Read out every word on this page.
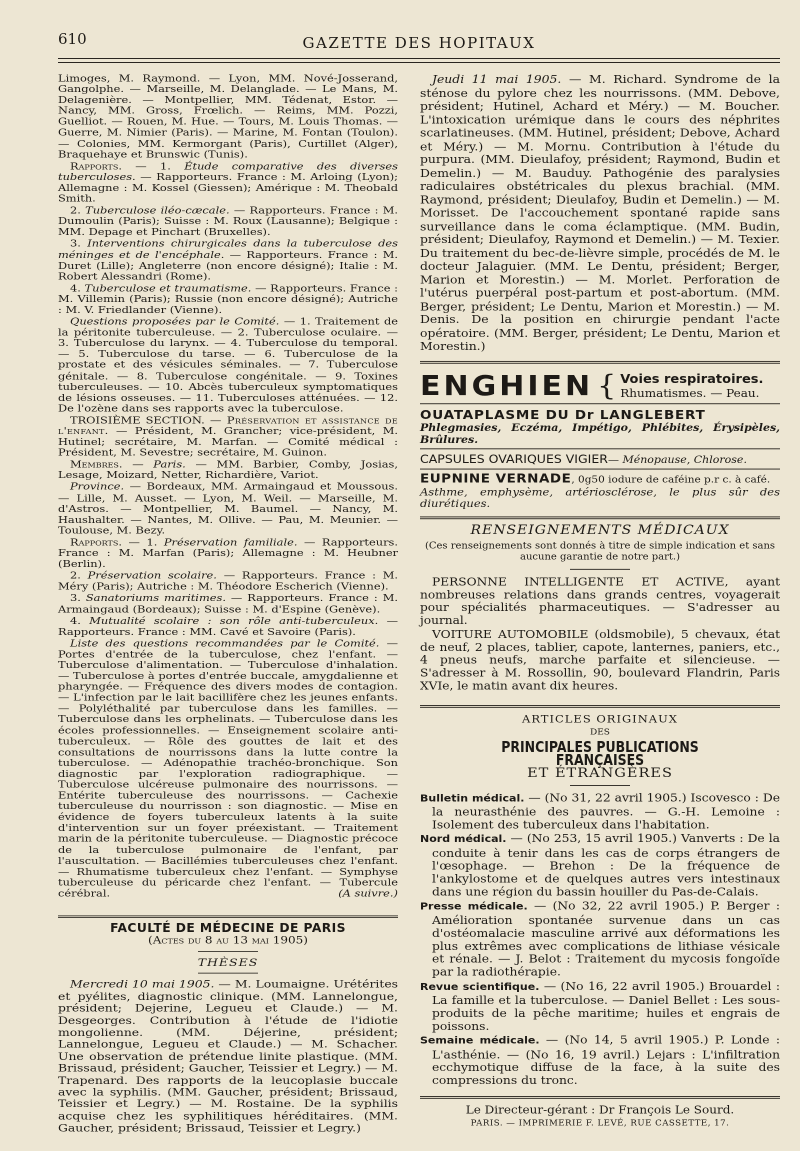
610	GAZETTE DES HOPITAUX

Limoges, M. Raymond. — Lyon, MM. Nové-Josserand, Gangolphe. — Marseille, M. Delanglade. — Le Mans, M. Delagenière. — Montpellier, MM. Tédenat, Estor. — Nancy, MM. Gross, Frœlich. — Reims, MM. Pozzi, Guelliot. — Rouen, M. Hue. — Tours, M. Louis Thomas. — Guerre, M. Nimier (Paris). — Marine, M. Fontan (Toulon). — Colonies, MM. Kermorgant (Paris), Curtillet (Alger), Braquehaye et Brunswic (Tunis).

Rapports. — 1. Étude comparative des diverses tuberculoses. — Rapporteurs. France : M. Arloing (Lyon); Allemagne : M. Kossel (Giessen); Amérique : M. Theobald Smith.

2. Tuberculose iléo-cæcale. — Rapporteurs. France : M. Dumoulin (Paris); Suisse : M. Roux (Lausanne); Belgique : MM. Depage et Pinchart (Bruxelles).

3. Interventions chirurgicales dans la tuberculose des méninges et de l'encéphale. — Rapporteurs. France : M. Duret (Lille); Angleterre (non encore désigné); Italie : M. Robert Alessandri (Rome).

4. Tuberculose et traumatisme. — Rapporteurs. France : M. Villemin (Paris); Russie (non encore désigné); Autriche : M. V. Friedlander (Vienne).

Questions proposées par le Comité. — 1. Traitement de la péritonite tuberculeuse. — 2. Tuberculose oculaire. — 3. Tuberculose du larynx. — 4. Tuberculose du temporal. — 5. Tuberculose du tarse. — 6. Tuberculose de la prostate et des vésicules séminales. — 7. Tuberculose génitale. — 8. Tuberculose congénitale. — 9. Toxines tuberculeuses. — 10. Abcès tuberculeux symptomatiques de lésions osseuses. — 11. Tuberculoses atténuées. — 12. De l'ozène dans ses rapports avec la tuberculose.

TROISIÈME SECTION. — Préservation et assistance de l'enfant. — Président, M. Grancher; vice-président, M. Hutinel; secrétaire, M. Marfan. — Comité médical : Président, M. Sevestre; secrétaire, M. Guinon.

Membres. — Paris. — MM. Barbier, Comby, Josias, Lesage, Moizard, Netter, Richardière, Variot.

Province. — Bordeaux, MM. Armaingaud et Moussous. — Lille, M. Ausset. — Lyon, M. Weil. — Marseille, M. d'Astros. — Montpellier, M. Baumel. — Nancy, M. Haushalter. — Nantes, M. Ollive. — Pau, M. Meunier. — Toulouse, M. Bezy.

Rapports. — 1. Préservation familiale. — Rapporteurs. France : M. Marfan (Paris); Allemagne : M. Heubner (Berlin).

2. Préservation scolaire. — Rapporteurs. France : M. Méry (Paris); Autriche : M. Théodore Escherich (Vienne).

3. Sanatoriums maritimes. — Rapporteurs. France : M. Armaingaud (Bordeaux); Suisse : M. d'Espine (Genève).

4. Mutualité scolaire : son rôle anti-tuberculeux. — Rapporteurs. France : MM. Cavé et Savoire (Paris).

Liste des questions recommandées par le Comité. — Portes d'entrée de la tuberculose, chez l'enfant. — Tuberculose d'alimentation. — Tuberculose d'inhalation. — Tuberculose à portes d'entrée buccale, amygdalienne et pharyngée. — Fréquence des divers modes de contagion. — L'infection par le lait bacillifère chez les jeunes enfants. — Polyléthalité par tuberculose dans les familles. — Tuberculose dans les orphelinats. — Tuberculose dans les écoles professionnelles. — Enseignement scolaire anti-tuberculeux. — Rôle des gouttes de lait et des consultations de nourrissons dans la lutte contre la tuberculose. — Adénopathie trachéo-bronchique. Son diagnostic par l'exploration radiographique. — Tuberculose ulcéreuse pulmonaire des nourrissons. — Entérite tuberculeuse des nourrissons. — Cachexie tuberculeuse du nourrisson : son diagnostic. — Mise en évidence de foyers tuberculeux latents à la suite d'intervention sur un foyer préexistant. — Traitement marin de la péritonite tuberculeuse. — Diagnostic précoce de la tuberculose pulmonaire de l'enfant, par l'auscultation. — Bacillémies tuberculeuses chez l'enfant. — Rhumatisme tuberculeux chez l'enfant. — Symphyse tuberculeuse du péricarde chez l'enfant. — Tubercule cérébral.	(A suivre.)

FACULTÉ DE MÉDECINE DE PARIS
(Actes du 8 au 13 mai 1905)
THÈSES

Mercredi 10 mai 1905. — M. Loumaigne. Urétérites et pyélites, diagnostic clinique. (MM. Lannelongue, président; Dejerine, Legueu et Claude.) — M. Desgeorges. Contribution à l'étude de l'idiotie mongolienne. (MM. Déjerine, président; Lannelongue, Legueu et Claude.) — M. Schacher. Une observation de prétendue linite plastique. (MM. Brissaud, président; Gaucher, Teissier et Legry.) — M. Trapenard. Des rapports de la leucoplasie buccale avec la syphilis. (MM. Gaucher, président; Brissaud, Teissier et Legry.) — M. Rostaine. De la syphilis acquise chez les syphilitiques héréditaires. (MM. Gaucher, président; Brissaud, Teissier et Legry.)

Jeudi 11 mai 1905. — M. Richard. Syndrome de la sténose du pylore chez les nourrissons. (MM. Debove, président; Hutinel, Achard et Méry.) — M. Boucher. L'intoxication urémique dans le cours des néphrites scarlatineuses. (MM. Hutinel, président; Debove, Achard et Méry.) — M. Mornu. Contribution à l'étude du purpura. (MM. Dieulafoy, président; Raymond, Budin et Demelin.) — M. Bauduy. Pathogénie des paralysies radiculaires obstétricales du plexus brachial. (MM. Raymond, président; Dieulafoy, Budin et Demelin.) — M. Morisset. De l'accouchement spontané rapide sans surveillance dans le coma éclamptique. (MM. Budin, président; Dieulafoy, Raymond et Demelin.) — M. Texier. Du traitement du bec-de-lièvre simple, procédés de M. le docteur Jalaguier. (MM. Le Dentu, président; Berger, Marion et Morestin.) — M. Morlet. Perforation de l'utérus puerpéral post-partum et post-abortum. (MM. Berger, président; Le Dentu, Marion et Morestin.) — M. Denis. De la position en chirurgie pendant l'acte opératoire. (MM. Berger, président; Le Dentu, Marion et Morestin.)

ENGHIEN { Voies respiratoires.
Rhumatismes. — Peau.
OUATAPLASME DU Dr LANGLEBERT
Phlegmasies, Eczéma, Impétigo, Phlébites, Érysipèles, Brûlures.
CAPSULES OVARIQUES VIGIER— Ménopause, Chlorose.
EUPNINE VERNADE, 0g50 iodure de caféine p.r c. à café.
Asthme, emphysème, artériosclérose, le plus sûr des diurétiques.
RENSEIGNEMENTS MÉDICAUX
(Ces renseignements sont donnés à titre de simple indication et sans aucune garantie de notre part.)

PERSONNE INTELLIGENTE ET ACTIVE, ayant nombreuses relations dans grands centres, voyagerait pour spécialités pharmaceutiques. — S'adresser au journal.

VOITURE AUTOMOBILE (oldsmobile), 5 chevaux, état de neuf, 2 places, tablier, capote, lanternes, paniers, etc., 4 pneus neufs, marche parfaite et silencieuse. — S'adresser à M. Rossollin, 90, boulevard Flandrin, Paris XVIe, le matin avant dix heures.

ARTICLES ORIGINAUX
DES
PRINCIPALES PUBLICATIONS FRANÇAISES
ET ÉTRANGÈRES

Bulletin médical. — (No 31, 22 avril 1905.) Iscovesco : De la neurasthénie des pauvres. — G.-H. Lemoine : Isolement des tuberculeux dans l'habitation.

Nord médical. — (No 253, 15 avril 1905.) Vanverts : De la conduite à tenir dans les cas de corps étrangers de l'œsophage. — Brehon : De la fréquence de l'ankylostome et de quelques autres vers intestinaux dans une région du bassin houiller du Pas-de-Calais.

Presse médicale. — (No 32, 22 avril 1905.) P. Berger : Amélioration spontanée survenue dans un cas d'ostéomalacie masculine arrivé aux déformations les plus extrêmes avec complications de lithiase vésicale et rénale. — J. Belot : Traitement du mycosis fongoïde par la radiothérapie.

Revue scientifique. — (No 16, 22 avril 1905.) Brouardel : La famille et la tuberculose. — Daniel Bellet : Les sous-produits de la pêche maritime; huiles et engrais de poissons.

Semaine médicale. — (No 14, 5 avril 1905.) P. Londe : L'asthénie. — (No 16, 19 avril.) Lejars : L'infiltration ecchymotique diffuse de la face, à la suite des compressions du tronc.

Le Directeur-gérant : Dr François Le Sourd.
PARIS. — IMPRIMERIE F. LEVÉ, RUE CASSETTE, 17.
